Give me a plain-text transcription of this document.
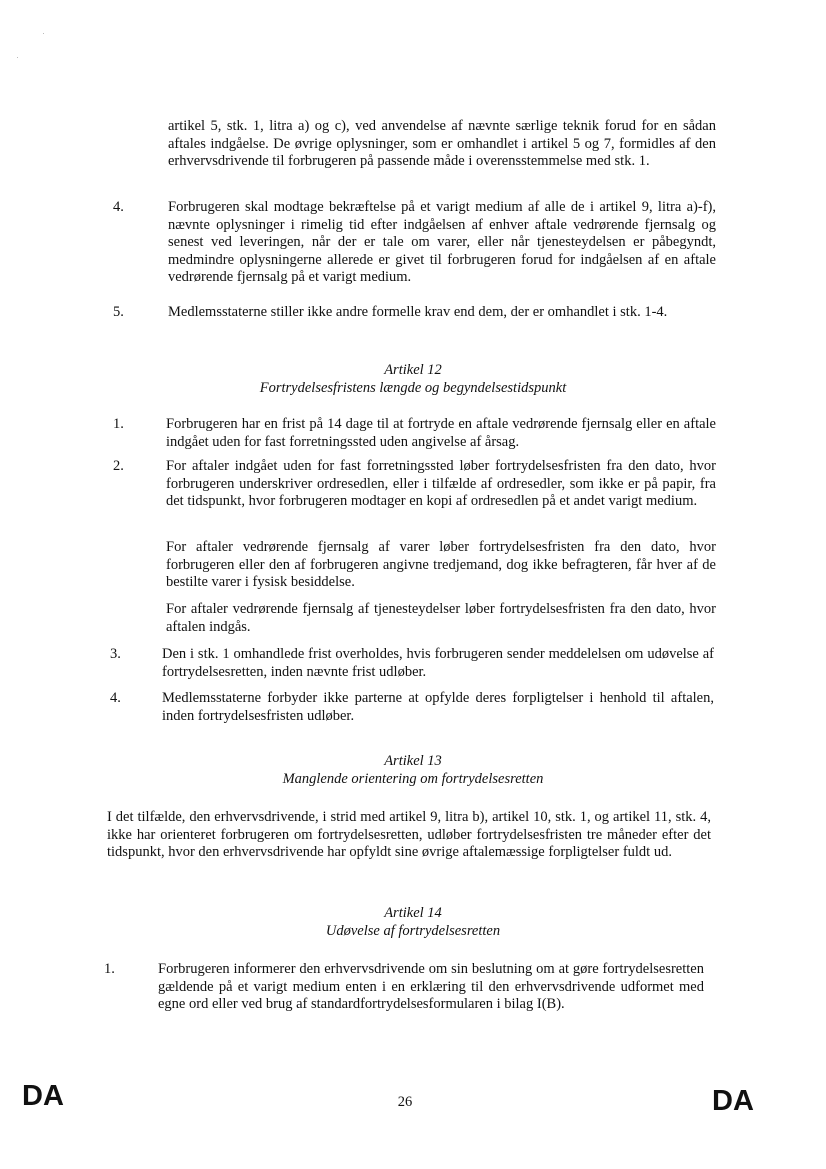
artikel 5, stk. 1, litra a) og c), ved anvendelse af nævnte særlige teknik forud for en sådan aftales indgåelse. De øvrige oplysninger, som er omhandlet i artikel 5 og 7, formidles af den erhvervsdrivende til forbrugeren på passende måde i overensstemmelse med stk. 1.

4.	Forbrugeren skal modtage bekræftelse på et varigt medium af alle de i artikel 9, litra a)-f), nævnte oplysninger i rimelig tid efter indgåelsen af enhver aftale vedrørende fjernsalg og senest ved leveringen, når der er tale om varer, eller når tjenesteydelsen er påbegyndt, medmindre oplysningerne allerede er givet til forbrugeren forud for indgåelsen af en aftale vedrørende fjernsalg på et varigt medium.

5.	Medlemsstaterne stiller ikke andre formelle krav end dem, der er omhandlet i stk. 1-4.

Artikel 12
Fortrydelsesfristens længde og begyndelsestidspunkt
1.	Forbrugeren har en frist på 14 dage til at fortryde en aftale vedrørende fjernsalg eller en aftale indgået uden for fast forretningssted uden angivelse af årsag.

2.	For aftaler indgået uden for fast forretningssted løber fortrydelsesfristen fra den dato, hvor forbrugeren underskriver ordresedlen, eller i tilfælde af ordresedler, som ikke er på papir, fra det tidspunkt, hvor forbrugeren modtager en kopi af ordresedlen på et andet varigt medium.

For aftaler vedrørende fjernsalg af varer løber fortrydelsesfristen fra den dato, hvor forbrugeren eller den af forbrugeren angivne tredjemand, dog ikke befragteren, får hver af de bestilte varer i fysisk besiddelse.

For aftaler vedrørende fjernsalg af tjenesteydelser løber fortrydelsesfristen fra den dato, hvor aftalen indgås.

3.	Den i stk. 1 omhandlede frist overholdes, hvis forbrugeren sender meddelelsen om udøvelse af fortrydelsesretten, inden nævnte frist udløber.

4.	Medlemsstaterne forbyder ikke parterne at opfylde deres forpligtelser i henhold til aftalen, inden fortrydelsesfristen udløber.

Artikel 13
Manglende orientering om fortrydelsesretten

I det tilfælde, den erhvervsdrivende, i strid med artikel 9, litra b), artikel 10, stk. 1, og artikel 11, stk. 4, ikke har orienteret forbrugeren om fortrydelsesretten, udløber fortrydelsesfristen tre måneder efter det tidspunkt, hvor den erhvervsdrivende har opfyldt sine øvrige aftalemæssige forpligtelser fuldt ud.

Artikel 14
Udøvelse af fortrydelsesretten
1.	Forbrugeren informerer den erhvervsdrivende om sin beslutning om at gøre fortrydelsesretten gældende på et varigt medium enten i en erklæring til den erhvervsdrivende udformet med egne ord eller ved brug af standardfortrydelsesformularen i bilag I(B).

DA	26	DA
